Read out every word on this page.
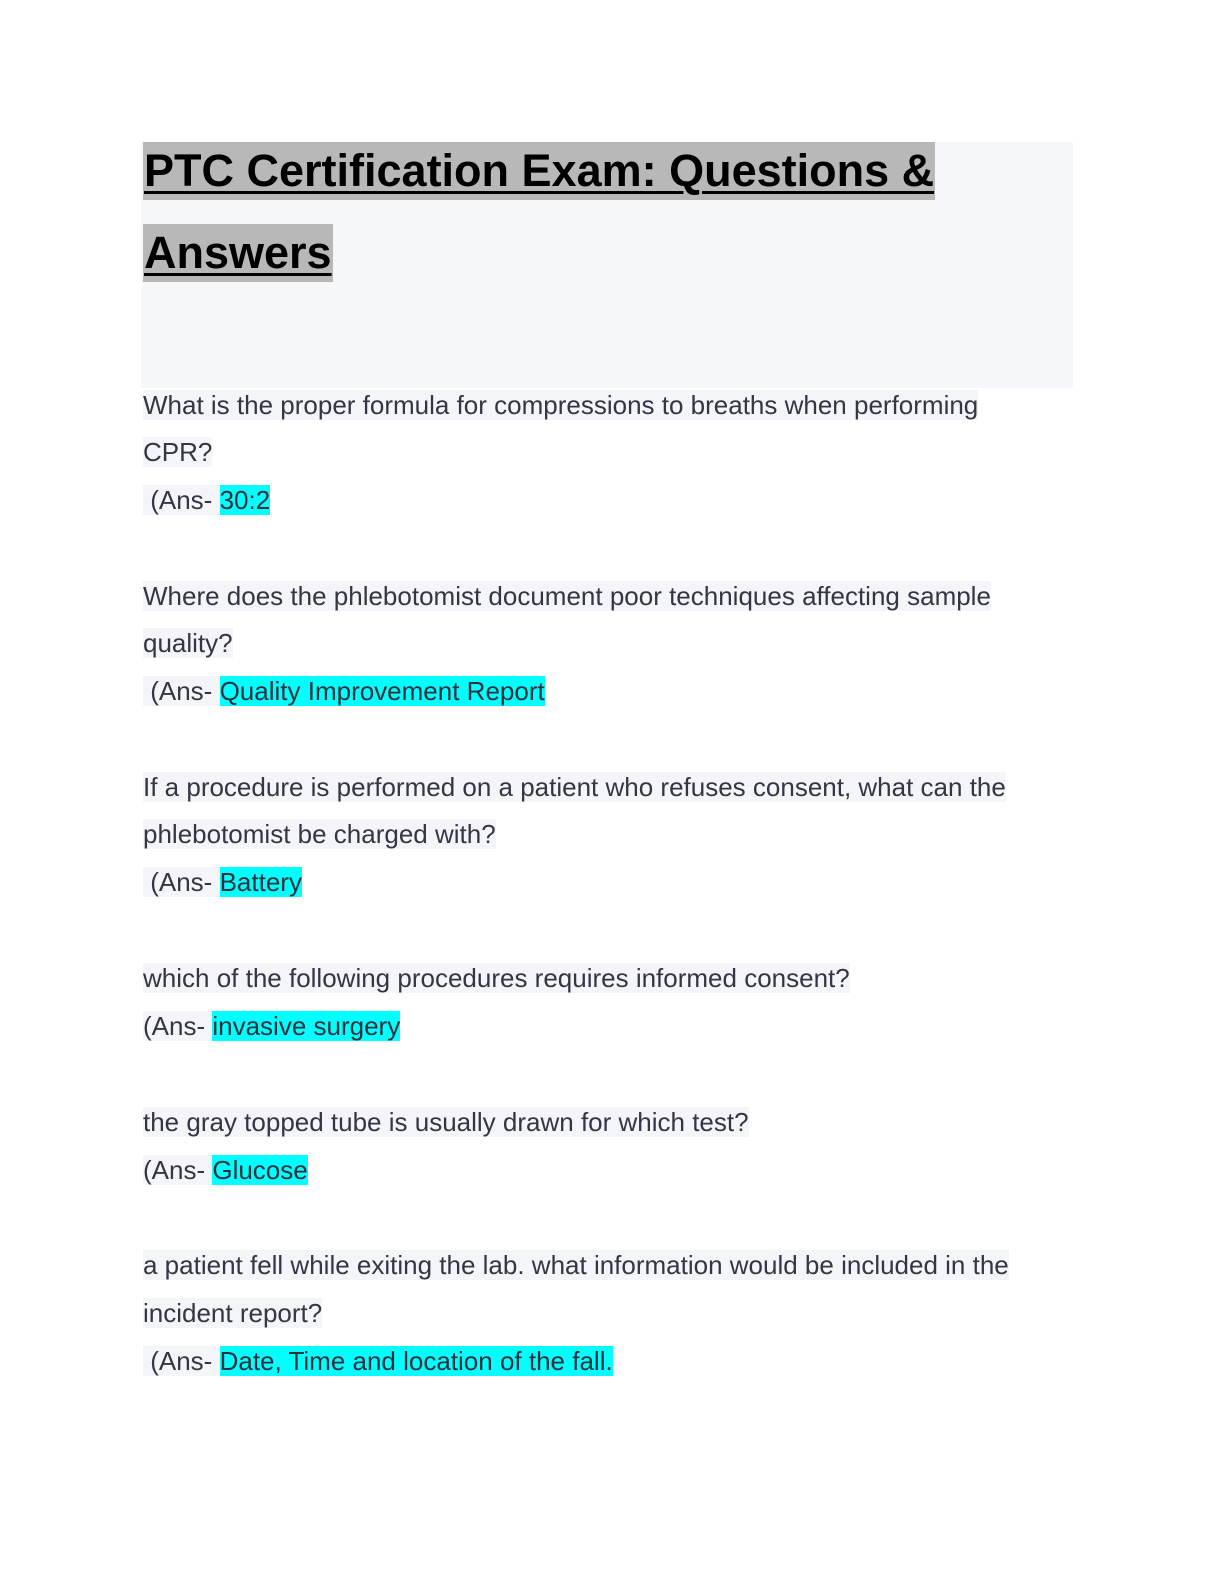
PTC Certification Exam: Questions &
Answers
What is the proper formula for compressions to breaths when performing
CPR?
(Ans- 30:2
Where does the phlebotomist document poor techniques affecting sample
quality?
(Ans- Quality Improvement Report
If a procedure is performed on a patient who refuses consent, what can the
phlebotomist be charged with?
(Ans- Battery
which of the following procedures requires informed consent?
(Ans- invasive surgery
the gray topped tube is usually drawn for which test?
(Ans- Glucose
a patient fell while exiting the lab. what information would be included in the
incident report?
(Ans- Date, Time and location of the fall.
